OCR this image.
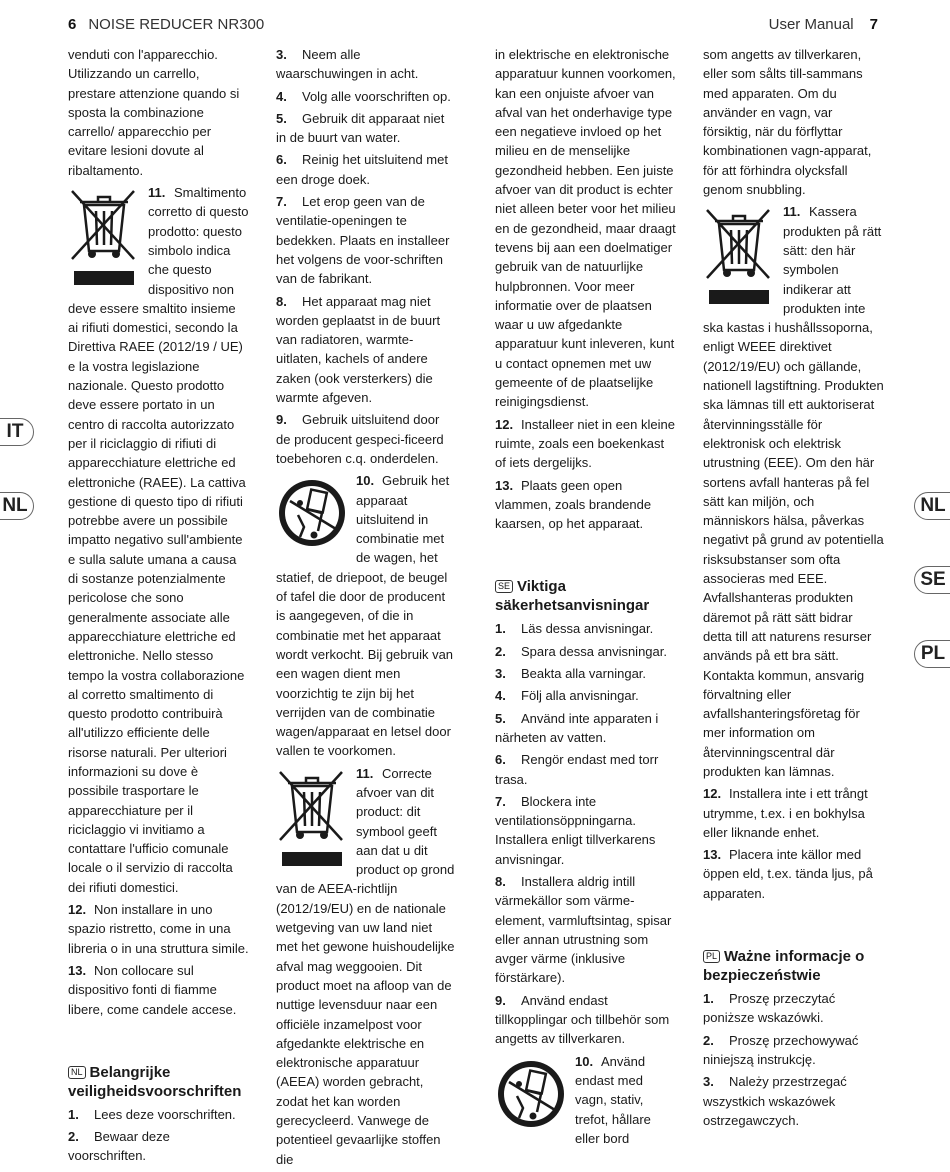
6 NOISE REDUCER NR300	User Manual 7
IT
NL	NL
SE
PL

venduti con l'apparecchio. Utilizzando un carrello, prestare attenzione quando si sposta la combinazione carrello/ apparecchio per evitare lesioni dovute al ribaltamento.

11. Smaltimento corretto di questo prodotto: questo simbolo indica che questo dispositivo non deve essere smaltito insieme ai rifiuti domestici, secondo la Direttiva RAEE (2012/19 / UE) e la vostra legislazione nazionale. Questo prodotto deve essere portato in un centro di raccolta autorizzato per il riciclaggio di rifiuti di apparecchiature elettriche ed elettroniche (RAEE). La cattiva gestione di questo tipo di rifiuti potrebbe avere un possibile impatto negativo sull'ambiente e sulla salute umana a causa di sostanze potenzialmente pericolose che sono generalmente associate alle apparecchiature elettriche ed elettroniche. Nello stesso tempo la vostra collaborazione al corretto smaltimento di questo prodotto contribuirà all'utilizzo efficiente delle risorse naturali. Per ulteriori informazioni su dove è possibile trasportare le apparecchiature per il riciclaggio vi invitiamo a contattare l'ufficio comunale locale o il servizio di raccolta dei rifiuti domestici.

12. Non installare in uno spazio ristretto, come in una libreria o in una struttura simile.

13. Non collocare sul dispositivo fonti di fiamme libere, come candele accese.

NL Belangrijke veiligheidsvoorschriften

1. Lees deze voorschriften.

2. Bewaar deze voorschriften.

3. Neem alle waarschuwingen in acht.

4. Volg alle voorschriften op.

5. Gebruik dit apparaat niet in de buurt van water.

6. Reinig het uitsluitend met een droge doek.

7. Let erop geen van de ventilatie-openingen te bedekken. Plaats en installeer het volgens de voor-schriften van de fabrikant.

8. Het apparaat mag niet worden geplaatst in de buurt van radiatoren, warmte-uitlaten, kachels of andere zaken (ook versterkers) die warmte afgeven.

9. Gebruik uitsluitend door de producent gespeci-ficeerd toebehoren c.q. onderdelen.

10. Gebruik het apparaat uitsluitend in combinatie met de wagen, het statief, de driepoot, de beugel of tafel die door de producent is aangegeven, of die in combinatie met het apparaat wordt verkocht. Bij gebruik van een wagen dient men voorzichtig te zijn bij het verrijden van de combinatie wagen/apparaat en letsel door vallen te voorkomen.

11. Correcte afvoer van dit product: dit symbool geeft aan dat u dit product op grond van de AEEA-richtlijn (2012/19/EU) en de nationale wetgeving van uw land niet met het gewone huishoudelijke afval mag weggooien. Dit product moet na afloop van de nuttige levensduur naar een officiële inzamelpost voor afgedankte elektrische en elektronische apparatuur (AEEA) worden gebracht, zodat het kan worden gerecycleerd. Vanwege de potentieel gevaarlijke stoffen die

in elektrische en elektronische apparatuur kunnen voorkomen, kan een onjuiste afvoer van afval van het onderhavige type een negatieve invloed op het milieu en de menselijke gezondheid hebben. Een juiste afvoer van dit product is echter niet alleen beter voor het milieu en de gezondheid, maar draagt tevens bij aan een doelmatiger gebruik van de natuurlijke hulpbronnen. Voor meer informatie over de plaatsen waar u uw afgedankte apparatuur kunt inleveren, kunt u contact opnemen met uw gemeente of de plaatselijke reinigingsdienst.

12. Installeer niet in een kleine ruimte, zoals een boekenkast of iets dergelijks.

13. Plaats geen open vlammen, zoals brandende kaarsen, op het apparaat.

SE Viktiga säkerhetsanvisningar

1. Läs dessa anvisningar.

2. Spara dessa anvisningar.

3. Beakta alla varningar.

4. Följ alla anvisningar.

5. Använd inte apparaten i närheten av vatten.

6. Rengör endast med torr trasa.

7. Blockera inte ventilationsöppningarna. Installera enligt tillverkarens anvisningar.

8. Installera aldrig intill värmekällor som värme-element, varmluftsintag, spisar eller annan utrustning som avger värme (inklusive förstärkare).

9. Använd endast tillkopplingar och tillbehör som angetts av tillverkaren.

10. Använd endast med vagn, stativ, trefot, hållare eller bord

som angetts av tillverkaren, eller som sålts till-sammans med apparaten. Om du använder en vagn, var försiktig, när du förflyttar kombinationen vagn-apparat, för att förhindra olycksfall genom snubbling.

11. Kassera produkten på rätt sätt: den här symbolen indikerar att produkten inte ska kastas i hushållssoporna, enligt WEEE direktivet (2012/19/EU) och gällande, nationell lagstiftning. Produkten ska lämnas till ett auktoriserat återvinningsställe för elektronisk och elektrisk utrustning (EEE). Om den här sortens avfall hanteras på fel sätt kan miljön, och människors hälsa, påverkas negativt på grund av potentiella risksubstanser som ofta associeras med EEE. Avfallshanteras produkten däremot på rätt sätt bidrar detta till att naturens resurser används på ett bra sätt. Kontakta kommun, ansvarig förvaltning eller avfallshanteringsföretag för mer information om återvinningscentral där produkten kan lämnas.

12. Installera inte i ett trångt utrymme, t.ex. i en bokhylsa eller liknande enhet.

13. Placera inte källor med öppen eld, t.ex. tända ljus, på apparaten.

PL Ważne informacje o bezpieczeństwie

1. Proszę przeczytać poniższe wskazówki.

2. Proszę przechowywać niniejszą instrukcję.

3. Należy przestrzegać wszystkich wskazówek ostrzegawczych.
